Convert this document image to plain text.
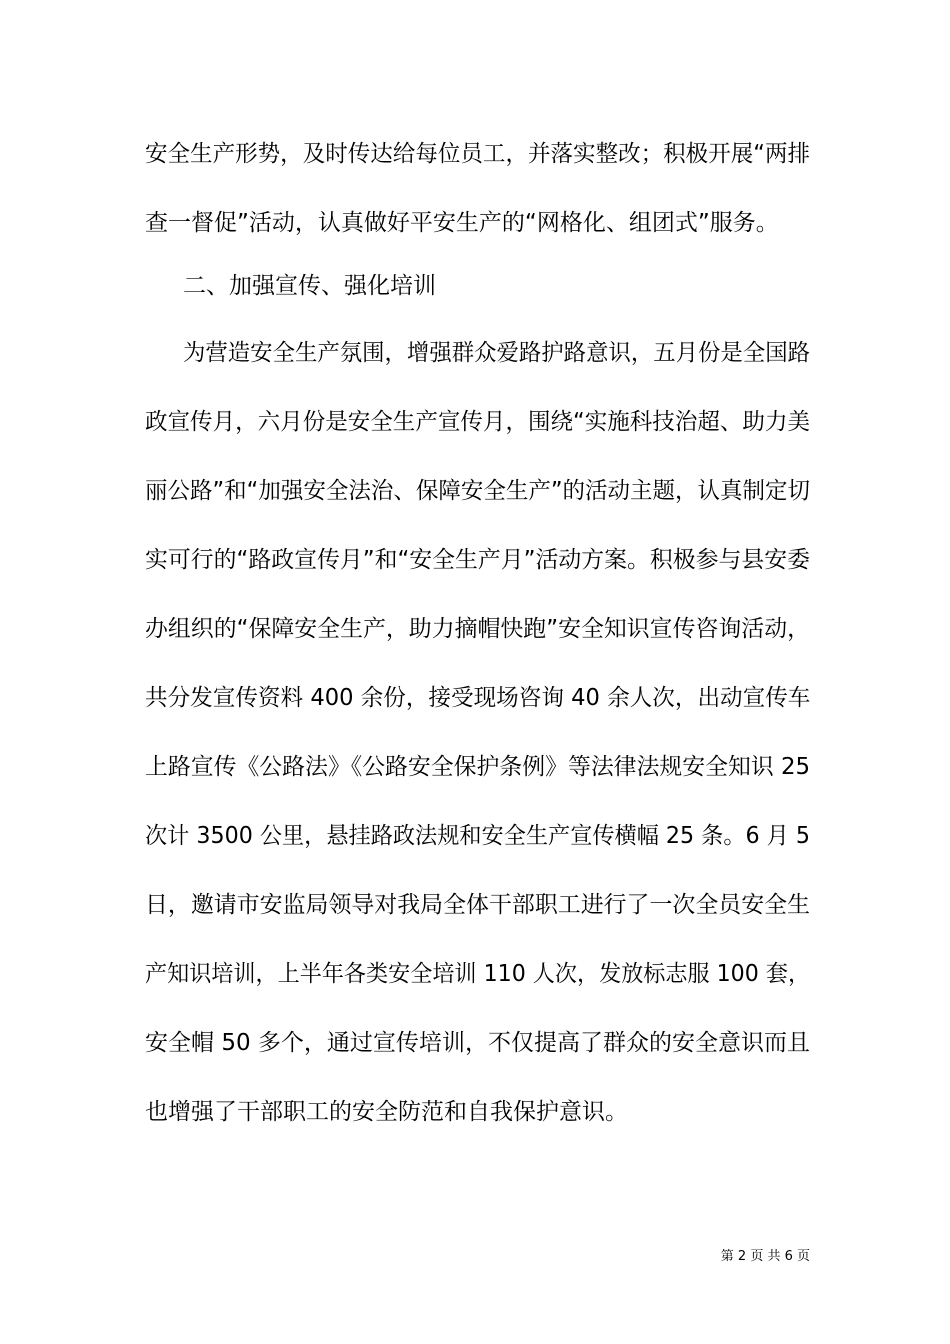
安全生产形势，及时传达给每位员工，并落实整改；积极开展“两排
查一督促”活动，认真做好平安生产的“网格化、组团式”服务。
二、加强宣传、强化培训
为营造安全生产氛围，增强群众爱路护路意识，五月份是全国路
政宣传月，六月份是安全生产宣传月，围绕“实施科技治超、助力美
丽公路”和“加强安全法治、保障安全生产”的活动主题，认真制定切
实可行的“路政宣传月”和“安全生产月”活动方案。积极参与县安委
办组织的“保障安全生产，助力摘帽快跑”安全知识宣传咨询活动，
共分发宣传资料 400 余份，接受现场咨询 40 余人次，出动宣传车
上路宣传《公路法》《公路安全保护条例》等法律法规安全知识 25
次计 3500 公里，悬挂路政法规和安全生产宣传横幅 25 条。6 月 5
日，邀请市安监局领导对我局全体干部职工进行了一次全员安全生
产知识培训，上半年各类安全培训 110 人次，发放标志服 100 套，
安全帽 50 多个，通过宣传培训，不仅提高了群众的安全意识而且
也增强了干部职工的安全防范和自我保护意识。
第 2 页 共 6 页
